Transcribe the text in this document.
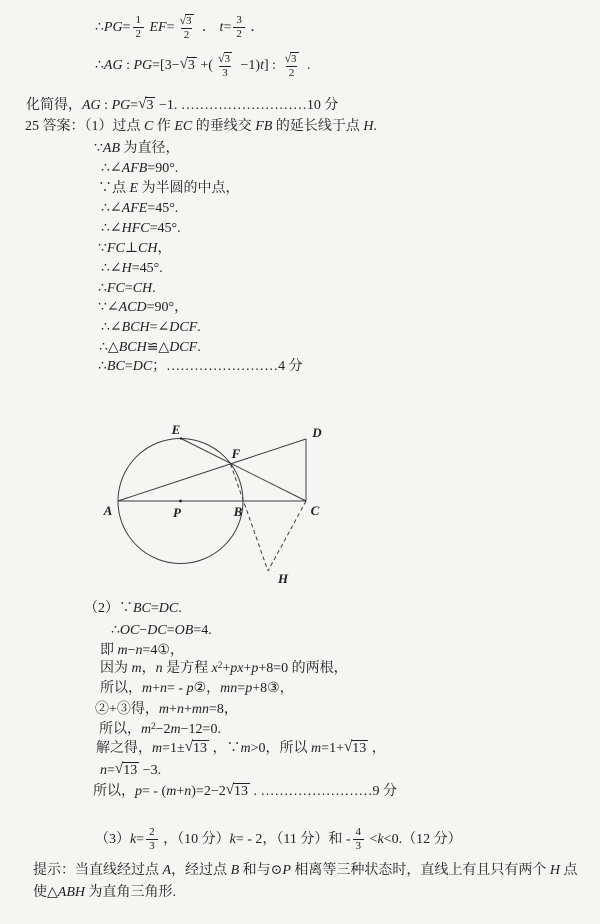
∴ PG = $\frac{1}{2}$
EF = $\frac{√ 3}{2}$ ． $t = \frac{3}{2}$ ．
∴ AG : PG =[3− √ 3 +( $\frac{√ 3}{3} -1$) t ] : $\frac{√ 3}{2}$ .
化简得， AG : PG = √ 3 −1. ………………………10 分
25 答案：（1）过点 C 作 EC 的垂线交 FB 的延长线于点 H .
∵ AB 为直径，
∴∠ AFB =90°.
∵点 E 为半圆的中点，
∴∠ AFE =45°.
∴∠ HFC =45°.
∵ FC ⊥ CH ，
∴∠ H =45°.
∴ FC = CH .
∵∠ ACD =90°，
∴∠ BCH =∠ DCF .
∴△ BCH ≌△ DCF .
∴ BC = DC ；……………………4 分
（2）∵ BC = DC .
∴ OC − DC = OB =4.
即 m − n =4①，
因为 m ， n 是方程 x 2 + px + p +8=0 的两根，
所以， m + n = - p ②， mn = p +8③，
②+③得， m + n + mn =8，
所以， m 2 −2 m −12=0.
解之得， m =1± √ 13 ，∵ m >0，所以 m =1+ √ 13 ，
n = √ 13 −3.
所以， p = - ( m + n )=2−2 √ 13 . ……………………9 分
（3） $k = \frac{2}{3}$ ，（10 分） k = - 2，（11 分）和 - $\frac{4}{3} < k <0.(12$ 分）
提示：当直线经过点 A ，经过点 B 和与⊙ P 相离等三种状态时，直线上有且只有两个 H 点
使△ ABH 为直角三角形.
E
F
D
A	P	B	C
H
